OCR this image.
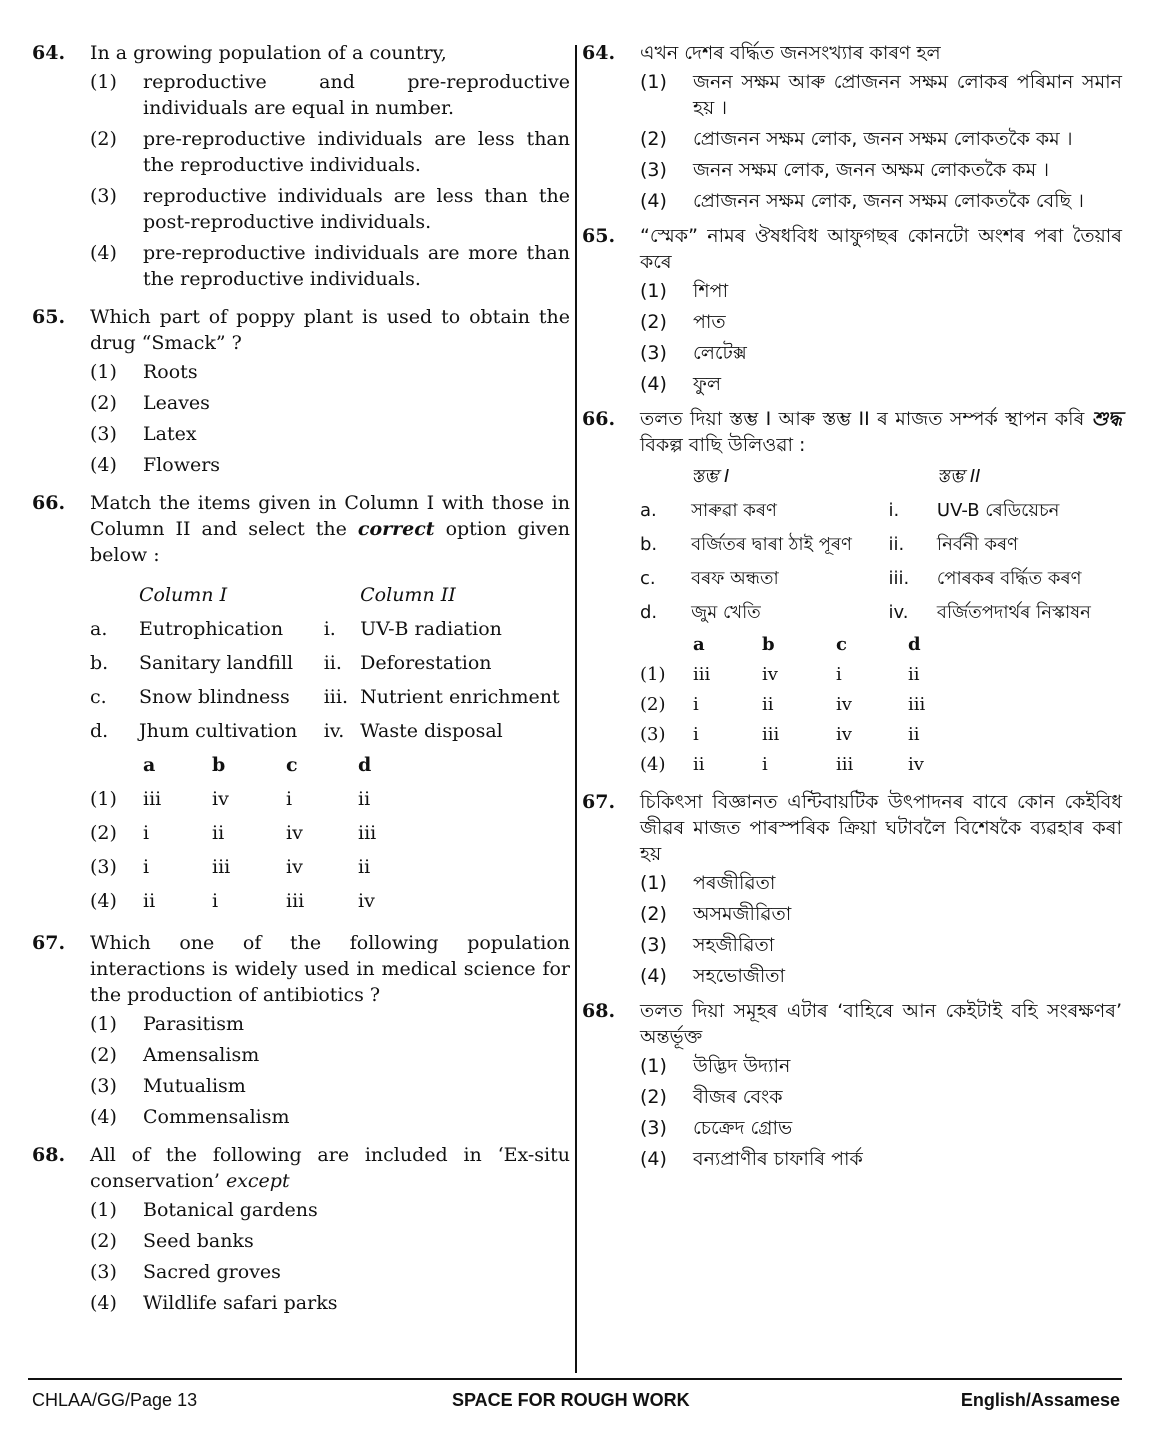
64. In a growing population of a country,
(1) reproductive and pre-reproductive individuals are equal in number.
(2) pre-reproductive individuals are less than the reproductive individuals.
(3) reproductive individuals are less than the post-reproductive individuals.
(4) pre-reproductive individuals are more than the reproductive individuals.
65. Which part of poppy plant is used to obtain the drug “Smack” ?
(1) Roots
(2) Leaves
(3) Latex
(4) Flowers
66. Match the items given in Column I with those in Column II and select the correct option given below :
	Column I		Column II
a.	Eutrophication	i.	UV-B radiation
b.	Sanitary landfill	ii.	Deforestation
c.	Snow blindness	iii.	Nutrient enrichment
d.	Jhum cultivation	iv.	Waste disposal
	a	b	c	d
(1)	iii	iv	i	ii
(2)	i	ii	iv	iii
(3)	i	iii	iv	ii
(4)	ii	i	iii	iv
67. Which one of the following population interactions is widely used in medical science for the production of antibiotics ?
(1) Parasitism
(2) Amensalism
(3) Mutualism
(4) Commensalism
68. All of the following are included in ‘Ex-situ conservation’ except
(1) Botanical gardens
(2) Seed banks
(3) Sacred groves
(4) Wildlife safari parks
64. এখন দেশৰ বৰ্দ্ধিত জনসংখ্যাৰ কাৰণ হল
(1) জনন সক্ষম আৰু প্ৰোজনন সক্ষম লোকৰ পৰিমান সমান হয় ।
(2) প্ৰোজনন সক্ষম লোক, জনন সক্ষম লোকতকৈ কম ।
(3) জনন সক্ষম লোক, জনন অক্ষম লোকতকৈ কম ।
(4) প্ৰোজনন সক্ষম লোক, জনন সক্ষম লোকতকৈ বেছি ।
65. “স্মেক” নামৰ ঔষধবিধ আফুগছৰ কোনটো অংশৰ পৰা তৈয়াৰ কৰে
(1) শিপা
(2) পাত
(3) লেটেক্স
(4) ফুল
66. তলত দিয়া স্তম্ভ I আৰু স্তম্ভ II ৰ মাজত সম্পৰ্ক স্থাপন কৰি শুদ্ধ বিকল্প বাছি উলিওৱা :
	স্তম্ভ I		স্তম্ভ II
a.	সাৰুৱা কৰণ	i.	UV-B ৰেডিয়েচন
b.	বৰ্জিতৰ দ্বাৰা ঠাই পূৰণ	ii.	নিৰ্বনী কৰণ
c.	বৰফ অন্ধতা	iii.	পোৰকৰ বৰ্দ্ধিত কৰণ
d.	জুম খেতি	iv.	বৰ্জিতপদাৰ্থৰ নিস্কাষন
	a	b	c	d
(1)	iii	iv	i	ii
(2)	i	ii	iv	iii
(3)	i	iii	iv	ii
(4)	ii	i	iii	iv
67. চিকিৎসা বিজ্ঞানত এন্টিবায়টিক উৎপাদনৰ বাবে কোন কেইবিধ জীৱৰ মাজত পাৰস্পৰিক ক্ৰিয়া ঘটাবলৈ বিশেষকৈ ব্যৱহাৰ কৰা হয়
(1) পৰজীৱিতা
(2) অসমজীৱিতা
(3) সহজীৱিতা
(4) সহভোজীতা
68. তলত দিয়া সমূহৰ এটাৰ ‘বাহিৰে আন কেইটাই বহি সংৰক্ষণৰ’ অন্তৰ্ভূক্ত
(1) উদ্ভিদ উদ্যান
(2) বীজৰ বেংক
(3) চেক্ৰেদ গ্ৰোভ
(4) বন্যপ্ৰাণীৰ চাফাৰি পাৰ্ক
CHLAA/GG/Page 13	SPACE FOR ROUGH WORK	English/Assamese
